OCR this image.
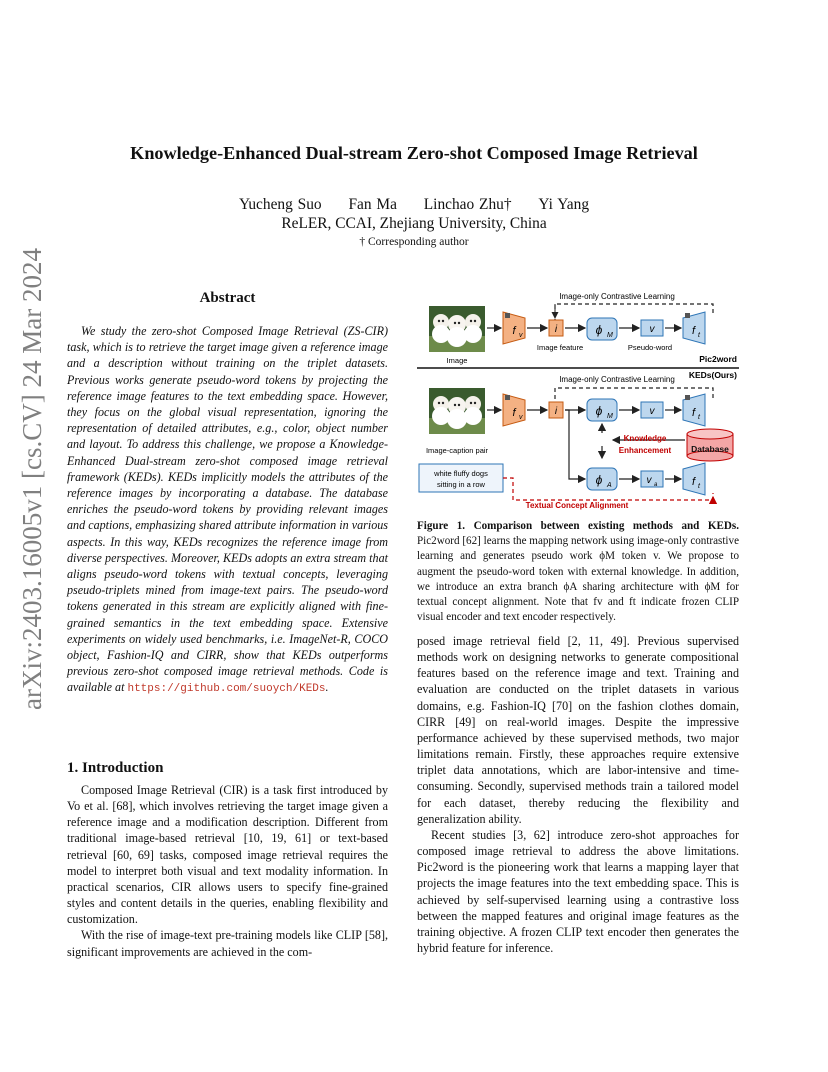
arXiv:2403.16005v1 [cs.CV] 24 Mar 2024
Knowledge-Enhanced Dual-stream Zero-shot Composed Image Retrieval
Yucheng Suo Fan Ma Linchao Zhu† Yi Yang
ReLER, CCAI, Zhejiang University, China
† Corresponding author
Abstract
We study the zero-shot Composed Image Retrieval (ZS-CIR) task, which is to retrieve the target image given a reference image and a description without training on the triplet datasets. Previous works generate pseudo-word tokens by projecting the reference image features to the text embedding space. However, they focus on the global visual representation, ignoring the representation of detailed attributes, e.g., color, object number and layout. To address this challenge, we propose a Knowledge-Enhanced Dual-stream zero-shot composed image retrieval framework (KEDs). KEDs implicitly models the attributes of the reference images by incorporating a database. The database enriches the pseudo-word tokens by providing relevant images and captions, emphasizing shared attribute information in various aspects. In this way, KEDs recognizes the reference image from diverse perspectives. Moreover, KEDs adopts an extra stream that aligns pseudo-word tokens with textual concepts, leveraging pseudo-triplets mined from image-text pairs. The pseudo-word tokens generated in this stream are explicitly aligned with fine-grained semantics in the text embedding space. Extensive experiments on widely used benchmarks, i.e. ImageNet-R, COCO object, Fashion-IQ and CIRR, show that KEDs outperforms previous zero-shot composed image retrieval methods. Code is available at https://github.com/suoych/KEDs.
1. Introduction

Composed Image Retrieval (CIR) is a task first introduced by Vo et al. [68], which involves retrieving the target image given a reference image and a modification description. Different from traditional image-based retrieval [10, 19, 61] or text-based retrieval [60, 69] tasks, composed image retrieval requires the model to interpret both visual and text modality information. In practical scenarios, CIR allows users to specify fine-grained styles and content details in the queries, enabling flexibility and customization.

With the rise of image-text pre-training models like CLIP [58], significant improvements are achieved in the com-

Image-only Contrastive Learning
Image
f v
i
Image feature
ϕ M
v
Pseudo-word
f t
Pic2word
KEDs(Ours)
Image-only Contrastive Learning
Image-caption pair
f v
i	ϕ M	v	f t
Knowledge
Enhancement Database
white fluffy dogs
sitting in a row	ϕ A	v a	f t
Textual Concept Alignment
Figure 1. Comparison between existing methods and KEDs. Pic2word [62] learns the mapping network using image-only contrastive learning and generates pseudo work ϕM token v. We propose to augment the pseudo-word token with external knowledge. In addition, we introduce an extra branch ϕA sharing architecture with ϕM for textual concept alignment. Note that fv and ft indicate frozen CLIP visual encoder and text encoder respectively.

posed image retrieval field [2, 11, 49]. Previous supervised methods work on designing networks to generate compositional features based on the reference image and text. Training and evaluation are conducted on the triplet datasets in various domains, e.g. Fashion-IQ [70] on the fashion clothes domain, CIRR [49] on real-world images. Despite the impressive performance achieved by these supervised methods, two major limitations remain. Firstly, these approaches require extensive triplet data annotations, which are labor-intensive and time-consuming. Secondly, supervised methods train a tailored model for each dataset, thereby reducing the flexibility and generalization ability.

Recent studies [3, 62] introduce zero-shot approaches for composed image retrieval to address the above limitations. Pic2word is the pioneering work that learns a mapping layer that projects the image features into the text embedding space. This is achieved by self-supervised learning using a contrastive loss between the mapped features and original image features as the training objective. A frozen CLIP text encoder then generates the hybrid feature for inference.
